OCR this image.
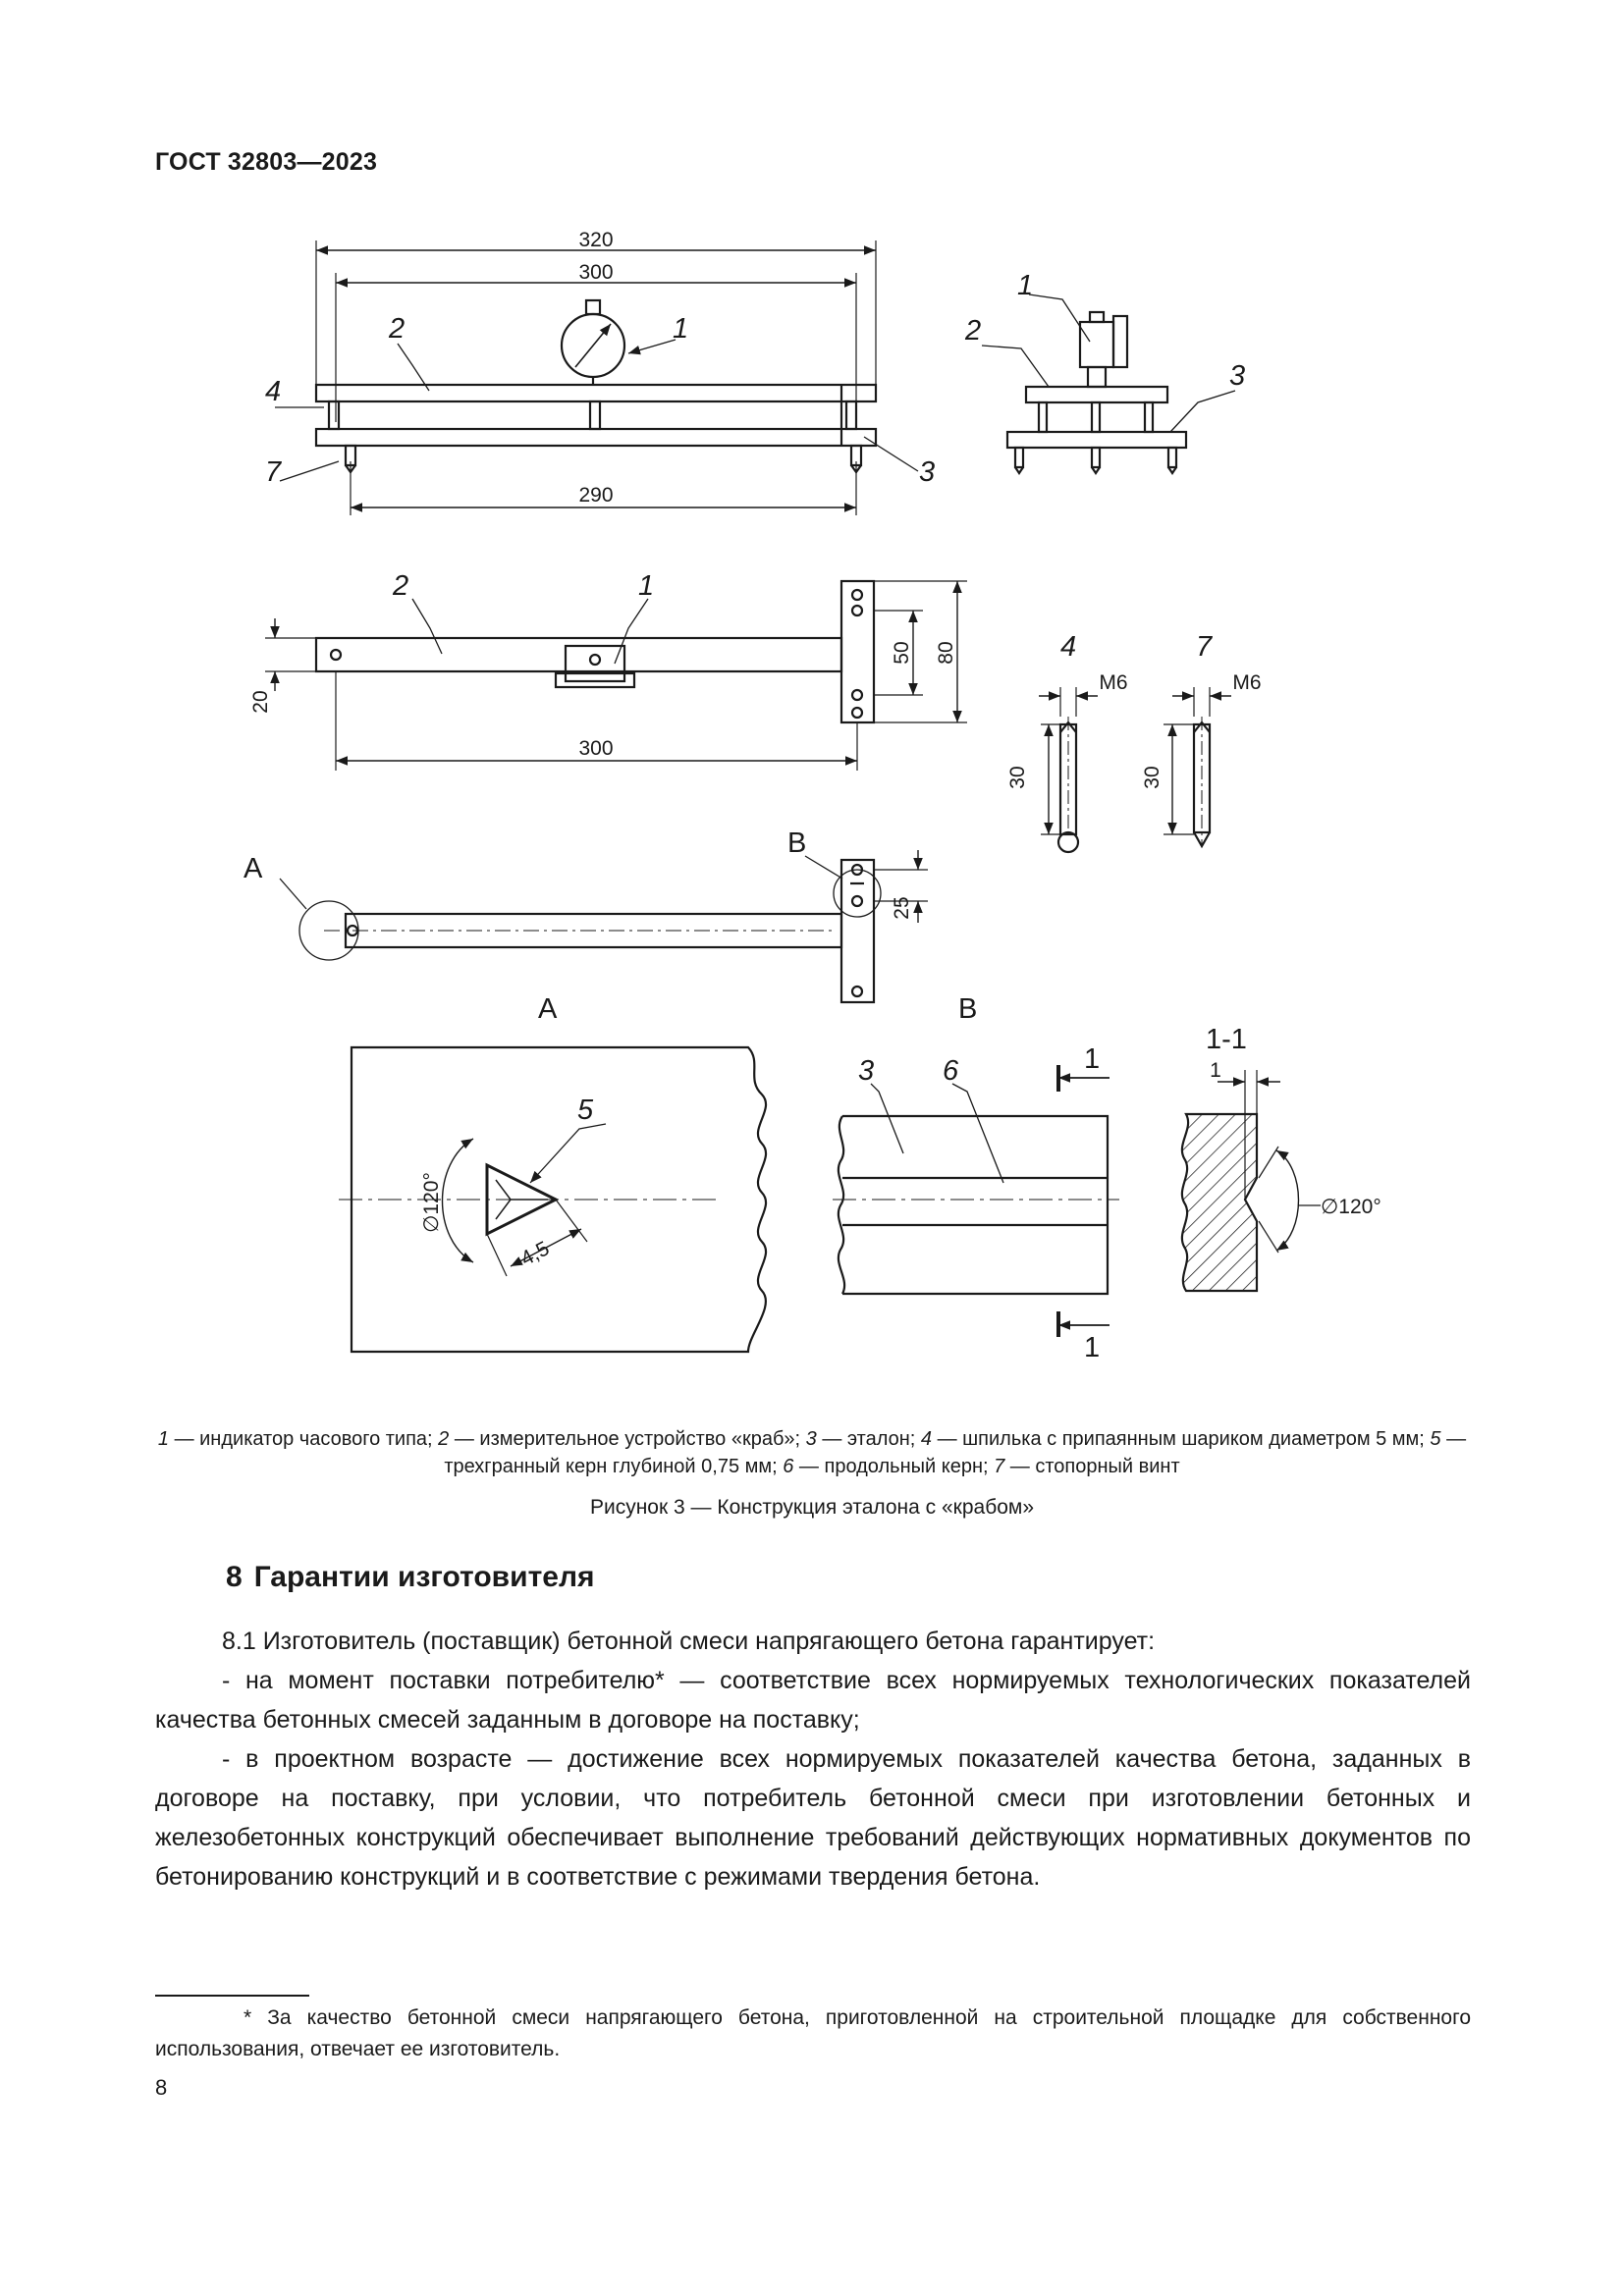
ГОСТ 32803—2023
320
300
290
300
20
50 80
30	30
М6	М6
25
4,5
∅120°	∅120°
1
1
2
4
7	3
1
2
3
2	1
4	7
5
3 6
А
В
А	В
1-1
1
1
1 — индикатор часового типа; 2 — измерительное устройство «краб»; 3 — эталон; 4 — шпилька с припаянным шариком диаметром 5 мм; 5 — трехгранный керн глубиной 0,75 мм; 6 — продольный керн; 7 — стопорный винт
Рисунок 3 — Конструкция эталона с «крабом»
8 Гарантии изготовителя
8.1 Изготовитель (поставщик) бетонной смеси напрягающего бетона гарантирует:
- на момент поставки потребителю* — соответствие всех нормируемых технологических показателей качества бетонных смесей заданным в договоре на поставку;
- в проектном возрасте — достижение всех нормируемых показателей качества бетона, заданных в договоре на поставку, при условии, что потребитель бетонной смеси при изготовлении бетонных и железобетонных конструкций обеспечивает выполнение требований действующих нормативных документов по бетонированию конструкций и в соответствие с режимами твердения бетона.
* За качество бетонной смеси напрягающего бетона, приготовленной на строительной площадке для собственного использования, отвечает ее изготовитель.
8
